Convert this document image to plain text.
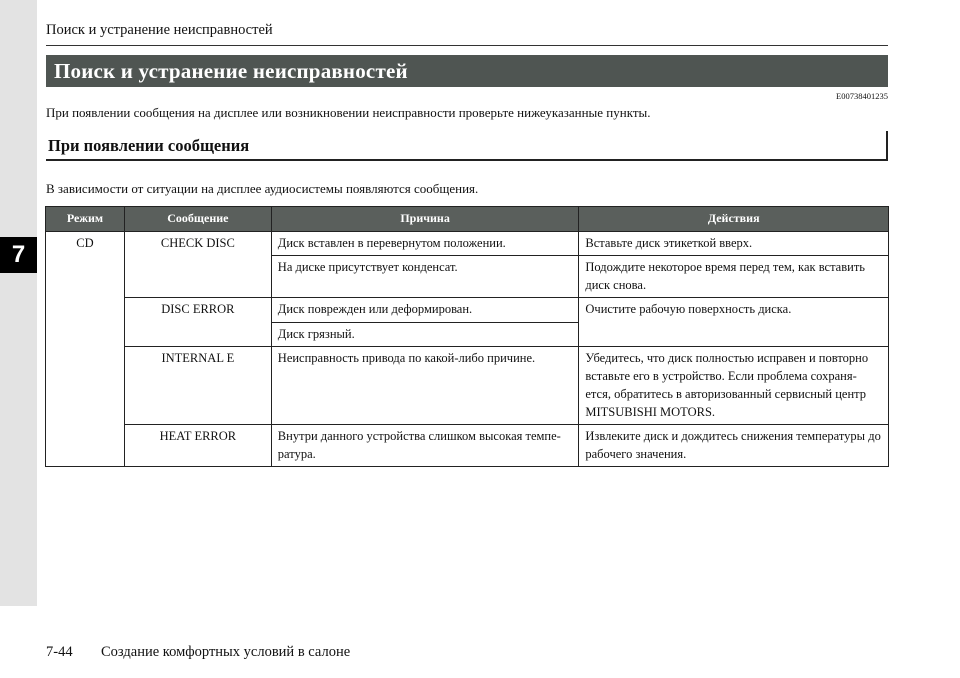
7
Поиск и устранение неисправностей
Поиск и устранение неисправностей
E00738401235
При появлении сообщения на дисплее или возникновении неисправности проверьте нижеуказанные пункты.
При появлении сообщения
В зависимости от ситуации на дисплее аудиосистемы появляются сообщения.
Режим	Сообщение	Причина	Действия
CD	CHECK DISC	Диск вставлен в перевернутом положении.	Вставьте диск этикеткой вверх.
		На диске присутствует конденсат.	Подождите некоторое время перед тем, как вставить диск снова.
	DISC ERROR	Диск поврежден или деформирован.	Очистите рабочую поверхность диска.
		Диск грязный.	
	INTERNAL E	Неисправность привода по какой-либо причине.	Убедитесь, что диск полностью исправен и повторно вставьте его в устройство. Если проблема сохраня-ется, обратитесь в авторизованный сервисный центр MITSUBISHI MOTORS.
	HEAT ERROR	Внутри данного устройства слишком высокая темпе-ратура.	Извлеките диск и дождитесь снижения температуры до рабочего значения.
7-44 Создание комфортных условий в салоне
